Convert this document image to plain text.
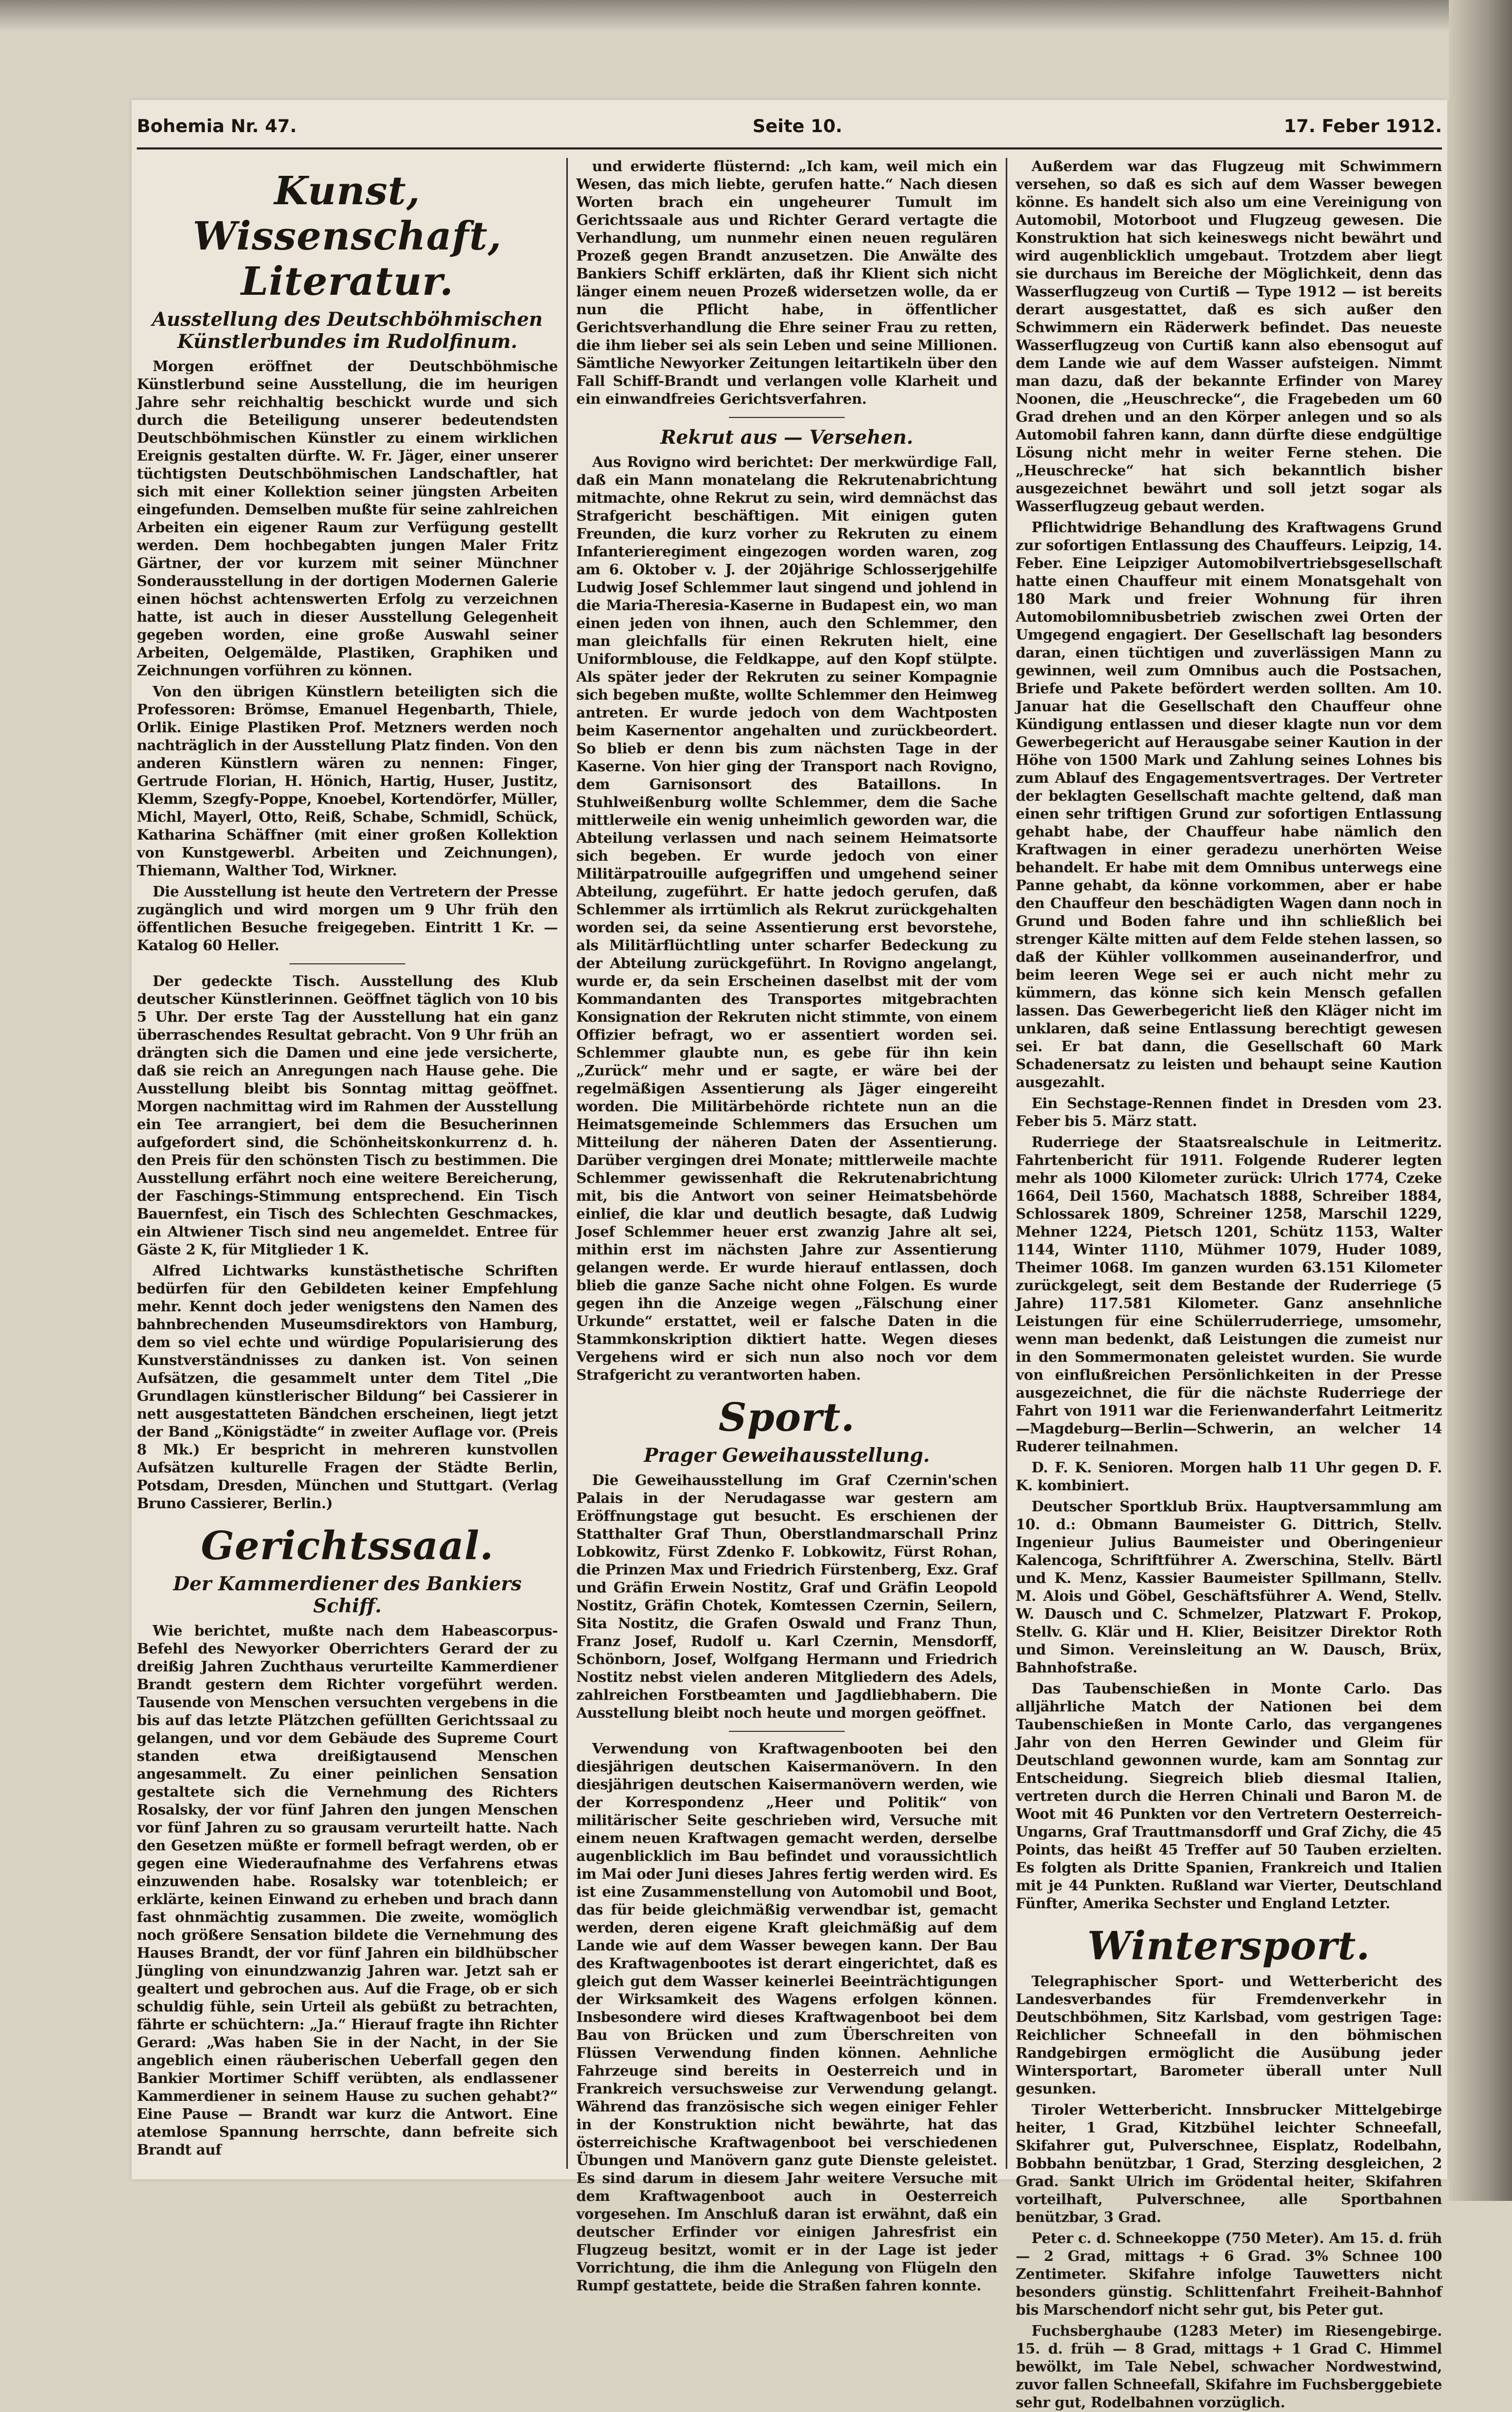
Bohemia Nr. 47.	Seite 10.	17. Feber 1912.
Kunst, Wissenschaft, Literatur.
Ausstellung des Deutschböhmischen Künstlerbundes im Rudolfinum.

Morgen eröffnet der Deutschböhmische Künstlerbund seine Ausstellung, die im heurigen Jahre sehr reichhaltig beschickt wurde und sich durch die Beteiligung unserer bedeutendsten Deutschböhmischen Künstler zu einem wirklichen Ereignis gestalten dürfte. W. Fr. Jäger, einer unserer tüchtigsten Deutschböhmischen Landschaftler, hat sich mit einer Kollektion seiner jüngsten Arbeiten eingefunden. Demselben mußte für seine zahlreichen Arbeiten ein eigener Raum zur Verfügung gestellt werden. Dem hochbegabten jungen Maler Fritz Gärtner, der vor kurzem mit seiner Münchner Sonderausstellung in der dortigen Modernen Galerie einen höchst achtenswerten Erfolg zu verzeichnen hatte, ist auch in dieser Ausstellung Gelegenheit gegeben worden, eine große Auswahl seiner Arbeiten, Oelgemälde, Plastiken, Graphiken und Zeichnungen vorführen zu können.

Von den übrigen Künstlern beteiligten sich die Professoren: Brömse, Emanuel Hegenbarth, Thiele, Orlik. Einige Plastiken Prof. Metzners werden noch nachträglich in der Ausstellung Platz finden. Von den anderen Künstlern wären zu nennen: Finger, Gertrude Florian, H. Hönich, Hartig, Huser, Justitz, Klemm, Szegfy-Poppe, Knoebel, Kortendörfer, Müller, Michl, Mayerl, Otto, Reiß, Schabe, Schmidl, Schück, Katharina Schäffner (mit einer großen Kollektion von Kunstgewerbl. Arbeiten und Zeichnungen), Thiemann, Walther Tod, Wirkner.

Die Ausstellung ist heute den Vertretern der Presse zugänglich und wird morgen um 9 Uhr früh den öffentlichen Besuche freigegeben. Eintritt 1 Kr. — Katalog 60 Heller.

Der gedeckte Tisch. Ausstellung des Klub deutscher Künstlerinnen. Geöffnet täglich von 10 bis 5 Uhr. Der erste Tag der Ausstellung hat ein ganz überraschendes Resultat gebracht. Von 9 Uhr früh an drängten sich die Damen und eine jede versicherte, daß sie reich an Anregungen nach Hause gehe. Die Ausstellung bleibt bis Sonntag mittag geöffnet. Morgen nachmittag wird im Rahmen der Ausstellung ein Tee arrangiert, bei dem die Besucherinnen aufgefordert sind, die Schönheitskonkurrenz d. h. den Preis für den schönsten Tisch zu bestimmen. Die Ausstellung erfährt noch eine weitere Bereicherung, der Faschings-Stimmung entsprechend. Ein Tisch Bauernfest, ein Tisch des Schlechten Geschmackes, ein Altwiener Tisch sind neu angemeldet. Entree für Gäste 2 K, für Mitglieder 1 K.

Alfred Lichtwarks kunstästhetische Schriften bedürfen für den Gebildeten keiner Empfehlung mehr. Kennt doch jeder wenigstens den Namen des bahnbrechenden Museumsdirektors von Hamburg, dem so viel echte und würdige Popularisierung des Kunstverständnisses zu danken ist. Von seinen Aufsätzen, die gesammelt unter dem Titel „Die Grundlagen künstlerischer Bildung“ bei Cassierer in nett ausgestatteten Bändchen erscheinen, liegt jetzt der Band „Königstädte“ in zweiter Auflage vor. (Preis 8 Mk.) Er bespricht in mehreren kunstvollen Aufsätzen kulturelle Fragen der Städte Berlin, Potsdam, Dresden, München und Stuttgart. (Verlag Bruno Cassierer, Berlin.)

Gerichtssaal.
Der Kammerdiener des Bankiers Schiff.

Wie berichtet, mußte nach dem Habeascorpus-Befehl des Newyorker Oberrichters Gerard der zu dreißig Jahren Zuchthaus verurteilte Kammerdiener Brandt gestern dem Richter vorgeführt werden. Tausende von Menschen versuchten vergebens in die bis auf das letzte Plätzchen gefüllten Gerichtssaal zu gelangen, und vor dem Gebäude des Supreme Court standen etwa dreißigtausend Menschen angesammelt. Zu einer peinlichen Sensation gestaltete sich die Vernehmung des Richters Rosalsky, der vor fünf Jahren den jungen Menschen vor fünf Jahren zu so grausam verurteilt hatte. Nach den Gesetzen müßte er formell befragt werden, ob er gegen eine Wiederaufnahme des Verfahrens etwas einzuwenden habe. Rosalsky war totenbleich; er erklärte, keinen Einwand zu erheben und brach dann fast ohnmächtig zusammen. Die zweite, womöglich noch größere Sensation bildete die Vernehmung des Hauses Brandt, der vor fünf Jahren ein bildhübscher Jüngling von einundzwanzig Jahren war. Jetzt sah er gealtert und gebrochen aus. Auf die Frage, ob er sich schuldig fühle, sein Urteil als gebüßt zu betrachten, fährte er schüchtern: „Ja.“ Hierauf fragte ihn Richter Gerard: „Was haben Sie in der Nacht, in der Sie angeblich einen räuberischen Ueberfall gegen den Bankier Mortimer Schiff verübten, als endlassener Kammerdiener in seinem Hause zu suchen gehabt?“ Eine Pause — Brandt war kurz die Antwort. Eine atemlose Spannung herrschte, dann befreite sich Brandt auf

und erwiderte flüsternd: „Ich kam, weil mich ein Wesen, das mich liebte, gerufen hatte.“ Nach diesen Worten brach ein ungeheurer Tumult im Gerichtssaale aus und Richter Gerard vertagte die Verhandlung, um nunmehr einen neuen regulären Prozeß gegen Brandt anzusetzen. Die Anwälte des Bankiers Schiff erklärten, daß ihr Klient sich nicht länger einem neuen Prozeß widersetzen wolle, da er nun die Pflicht habe, in öffentlicher Gerichtsverhandlung die Ehre seiner Frau zu retten, die ihm lieber sei als sein Leben und seine Millionen. Sämtliche Newyorker Zeitungen leitartikeln über den Fall Schiff-Brandt und verlangen volle Klarheit und ein einwandfreies Gerichtsverfahren.

Rekrut aus — Versehen.

Aus Rovigno wird berichtet: Der merkwürdige Fall, daß ein Mann monatelang die Rekrutenabrichtung mitmachte, ohne Rekrut zu sein, wird demnächst das Strafgericht beschäftigen. Mit einigen guten Freunden, die kurz vorher zu Rekruten zu einem Infanterieregiment eingezogen worden waren, zog am 6. Oktober v. J. der 20jährige Schlosserjgehilfe Ludwig Josef Schlemmer laut singend und johlend in die Maria-Theresia-Kaserne in Budapest ein, wo man einen jeden von ihnen, auch den Schlemmer, den man gleichfalls für einen Rekruten hielt, eine Uniformblouse, die Feldkappe, auf den Kopf stülpte. Als später jeder der Rekruten zu seiner Kompagnie sich begeben mußte, wollte Schlemmer den Heimweg antreten. Er wurde jedoch von dem Wachtposten beim Kasernentor angehalten und zurückbeordert. So blieb er denn bis zum nächsten Tage in der Kaserne. Von hier ging der Transport nach Rovigno, dem Garnisonsort des Bataillons. In Stuhlweißenburg wollte Schlemmer, dem die Sache mittlerweile ein wenig unheimlich geworden war, die Abteilung verlassen und nach seinem Heimatsorte sich begeben. Er wurde jedoch von einer Militärpatrouille aufgegriffen und umgehend seiner Abteilung, zugeführt. Er hatte jedoch gerufen, daß Schlemmer als irrtümlich als Rekrut zurückgehalten worden sei, da seine Assentierung erst bevorstehe, als Militärflüchtling unter scharfer Bedeckung zu der Abteilung zurückgeführt. In Rovigno angelangt, wurde er, da sein Erscheinen daselbst mit der vom Kommandanten des Transportes mitgebrachten Konsignation der Rekruten nicht stimmte, von einem Offizier befragt, wo er assentiert worden sei. Schlemmer glaubte nun, es gebe für ihn kein „Zurück“ mehr und er sagte, er wäre bei der regelmäßigen Assentierung als Jäger eingereiht worden. Die Militärbehörde richtete nun an die Heimatsgemeinde Schlemmers das Ersuchen um Mitteilung der näheren Daten der Assentierung. Darüber vergingen drei Monate; mittlerweile machte Schlemmer gewissenhaft die Rekrutenabrichtung mit, bis die Antwort von seiner Heimatsbehörde einlief, die klar und deutlich besagte, daß Ludwig Josef Schlemmer heuer erst zwanzig Jahre alt sei, mithin erst im nächsten Jahre zur Assentierung gelangen werde. Er wurde hierauf entlassen, doch blieb die ganze Sache nicht ohne Folgen. Es wurde gegen ihn die Anzeige wegen „Fälschung einer Urkunde“ erstattet, weil er falsche Daten in die Stammkonskription diktiert hatte. Wegen dieses Vergehens wird er sich nun also noch vor dem Strafgericht zu verantworten haben.

Sport.
Prager Geweihausstellung.

Die Geweihausstellung im Graf Czernin'schen Palais in der Nerudagasse war gestern am Eröffnungstage gut besucht. Es erschienen der Statthalter Graf Thun, Oberstlandmarschall Prinz Lobkowitz, Fürst Zdenko F. Lobkowitz, Fürst Rohan, die Prinzen Max und Friedrich Fürstenberg, Exz. Graf und Gräfin Erwein Nostitz, Graf und Gräfin Leopold Nostitz, Gräfin Chotek, Komtessen Czernin, Seilern, Sita Nostitz, die Grafen Oswald und Franz Thun, Franz Josef, Rudolf u. Karl Czernin, Mensdorff, Schönborn, Josef, Wolfgang Hermann und Friedrich Nostitz nebst vielen anderen Mitgliedern des Adels, zahlreichen Forstbeamten und Jagdliebhabern. Die Ausstellung bleibt noch heute und morgen geöffnet.

Verwendung von Kraftwagenbooten bei den diesjährigen deutschen Kaisermanövern. In den diesjährigen deutschen Kaisermanövern werden, wie der Korrespondenz „Heer und Politik“ von militärischer Seite geschrieben wird, Versuche mit einem neuen Kraftwagen gemacht werden, derselbe augenblicklich im Bau befindet und voraussichtlich im Mai oder Juni dieses Jahres fertig werden wird. Es ist eine Zusammenstellung von Automobil und Boot, das für beide gleichmäßig verwendbar ist, gemacht werden, deren eigene Kraft gleichmäßig auf dem Lande wie auf dem Wasser bewegen kann. Der Bau des Kraftwagenbootes ist derart eingerichtet, daß es gleich gut dem Wasser keinerlei Beeinträchtigungen der Wirksamkeit des Wagens erfolgen können. Insbesondere wird dieses Kraftwagenboot bei dem Bau von Brücken und zum Überschreiten von Flüssen Verwendung finden können. Aehnliche Fahrzeuge sind bereits in Oesterreich und in Frankreich versuchsweise zur Verwendung gelangt. Während das französische sich wegen einiger Fehler in der Konstruktion nicht bewährte, hat das österreichische Kraftwagenboot bei verschiedenen Übungen und Manövern ganz gute Dienste geleistet. Es sind darum in diesem Jahr weitere Versuche mit dem Kraftwagenboot auch in Oesterreich vorgesehen. Im Anschluß daran ist erwähnt, daß ein deutscher Erfinder vor einigen Jahresfrist ein Flugzeug besitzt, womit er in der Lage ist jeder Vorrichtung, die ihm die Anlegung von Flügeln den Rumpf gestattete, beide die Straßen fahren konnte.

Außerdem war das Flugzeug mit Schwimmern versehen, so daß es sich auf dem Wasser bewegen könne. Es handelt sich also um eine Vereinigung von Automobil, Motorboot und Flugzeug gewesen. Die Konstruktion hat sich keineswegs nicht bewährt und wird augenblicklich umgebaut. Trotzdem aber liegt sie durchaus im Bereiche der Möglichkeit, denn das Wasserflugzeug von Curtiß — Type 1912 — ist bereits derart ausgestattet, daß es sich außer den Schwimmern ein Räderwerk befindet. Das neueste Wasserflugzeug von Curtiß kann also ebensogut auf dem Lande wie auf dem Wasser aufsteigen. Nimmt man dazu, daß der bekannte Erfinder von Marey Noonen, die „Heuschrecke“, die Fragebeden um 60 Grad drehen und an den Körper anlegen und so als Automobil fahren kann, dann dürfte diese endgültige Lösung nicht mehr in weiter Ferne stehen. Die „Heuschrecke“ hat sich bekanntlich bisher ausgezeichnet bewährt und soll jetzt sogar als Wasserflugzeug gebaut werden.

Pflichtwidrige Behandlung des Kraftwagens Grund zur sofortigen Entlassung des Chauffeurs. Leipzig, 14. Feber. Eine Leipziger Automobilvertriebsgesellschaft hatte einen Chauffeur mit einem Monatsgehalt von 180 Mark und freier Wohnung für ihren Automobilomnibusbetrieb zwischen zwei Orten der Umgegend engagiert. Der Gesellschaft lag besonders daran, einen tüchtigen und zuverlässigen Mann zu gewinnen, weil zum Omnibus auch die Postsachen, Briefe und Pakete befördert werden sollten. Am 10. Januar hat die Gesellschaft den Chauffeur ohne Kündigung entlassen und dieser klagte nun vor dem Gewerbegericht auf Herausgabe seiner Kaution in der Höhe von 1500 Mark und Zahlung seines Lohnes bis zum Ablauf des Engagementsvertrages. Der Vertreter der beklagten Gesellschaft machte geltend, daß man einen sehr triftigen Grund zur sofortigen Entlassung gehabt habe, der Chauffeur habe nämlich den Kraftwagen in einer geradezu unerhörten Weise behandelt. Er habe mit dem Omnibus unterwegs eine Panne gehabt, da könne vorkommen, aber er habe den Chauffeur den beschädigten Wagen dann noch in Grund und Boden fahre und ihn schließlich bei strenger Kälte mitten auf dem Felde stehen lassen, so daß der Kühler vollkommen auseinanderfror, und beim leeren Wege sei er auch nicht mehr zu kümmern, das könne sich kein Mensch gefallen lassen. Das Gewerbegericht ließ den Kläger nicht im unklaren, daß seine Entlassung berechtigt gewesen sei. Er bat dann, die Gesellschaft 60 Mark Schadenersatz zu leisten und behaupt seine Kaution ausgezahlt.

Ein Sechstage-Rennen findet in Dresden vom 23. Feber bis 5. März statt.

Ruderriege der Staatsrealschule in Leitmeritz. Fahrtenbericht für 1911. Folgende Ruderer legten mehr als 1000 Kilometer zurück: Ulrich 1774, Czeke 1664, Deil 1560, Machatsch 1888, Schreiber 1884, Schlossarek 1809, Schreiner 1258, Marschil 1229, Mehner 1224, Pietsch 1201, Schütz 1153, Walter 1144, Winter 1110, Mühmer 1079, Huder 1089, Theimer 1068. Im ganzen wurden 63.151 Kilometer zurückgelegt, seit dem Bestande der Ruderriege (5 Jahre) 117.581 Kilometer. Ganz ansehnliche Leistungen für eine Schülerruderriege, umsomehr, wenn man bedenkt, daß Leistungen die zumeist nur in den Sommermonaten geleistet wurden. Sie wurde von einflußreichen Persönlichkeiten in der Presse ausgezeichnet, die für die nächste Ruderriege der Fahrt von 1911 war die Ferienwanderfahrt Leitmeritz—Magdeburg—Berlin—Schwerin, an welcher 14 Ruderer teilnahmen.

D. F. K. Senioren. Morgen halb 11 Uhr gegen D. F. K. kombiniert.

Deutscher Sportklub Brüx. Hauptversammlung am 10. d.: Obmann Baumeister G. Dittrich, Stellv. Ingenieur Julius Baumeister und Oberingenieur Kalencoga, Schriftführer A. Zwerschina, Stellv. Bärtl und K. Menz, Kassier Baumeister Spillmann, Stellv. M. Alois und Göbel, Geschäftsführer A. Wend, Stellv. W. Dausch und C. Schmelzer, Platzwart F. Prokop, Stellv. G. Klär und H. Klier, Beisitzer Direktor Roth und Simon. Vereinsleitung an W. Dausch, Brüx, Bahnhofstraße.

Das Taubenschießen in Monte Carlo. Das alljährliche Match der Nationen bei dem Taubenschießen in Monte Carlo, das vergangenes Jahr von den Herren Gewinder und Gleim für Deutschland gewonnen wurde, kam am Sonntag zur Entscheidung. Siegreich blieb diesmal Italien, vertreten durch die Herren Chinali und Baron M. de Woot mit 46 Punkten vor den Vertretern Oesterreich-Ungarns, Graf Trauttmansdorff und Graf Zichy, die 45 Points, das heißt 45 Treffer auf 50 Tauben erzielten. Es folgten als Dritte Spanien, Frankreich und Italien mit je 44 Punkten. Rußland war Vierter, Deutschland Fünfter, Amerika Sechster und England Letzter.

Wintersport.

Telegraphischer Sport- und Wetterbericht des Landesverbandes für Fremdenverkehr in Deutschböhmen, Sitz Karlsbad, vom gestrigen Tage: Reichlicher Schneefall in den böhmischen Randgebirgen ermöglicht die Ausübung jeder Wintersportart, Barometer überall unter Null gesunken.

Tiroler Wetterbericht. Innsbrucker Mittelgebirge heiter, 1 Grad, Kitzbühel leichter Schneefall, Skifahrer gut, Pulverschnee, Eisplatz, Rodelbahn, Bobbahn benützbar, 1 Grad, Sterzing desgleichen, 2 Grad. Sankt Ulrich im Grödental heiter, Skifahren vorteilhaft, Pulverschnee, alle Sportbahnen benützbar, 3 Grad.

Peter c. d. Schneekoppe (750 Meter). Am 15. d. früh — 2 Grad, mittags + 6 Grad. 3% Schnee 100 Zentimeter. Skifahre infolge Tauwetters nicht besonders günstig. Schlittenfahrt Freiheit-Bahnhof bis Marschendorf nicht sehr gut, bis Peter gut.

Fuchsberghaube (1283 Meter) im Riesengebirge. 15. d. früh — 8 Grad, mittags + 1 Grad C. Himmel bewölkt, im Tale Nebel, schwacher Nordwestwind, zuvor fallen Schneefall, Skifahre im Fuchsberggebiete sehr gut, Rodelbahnen vorzüglich.
